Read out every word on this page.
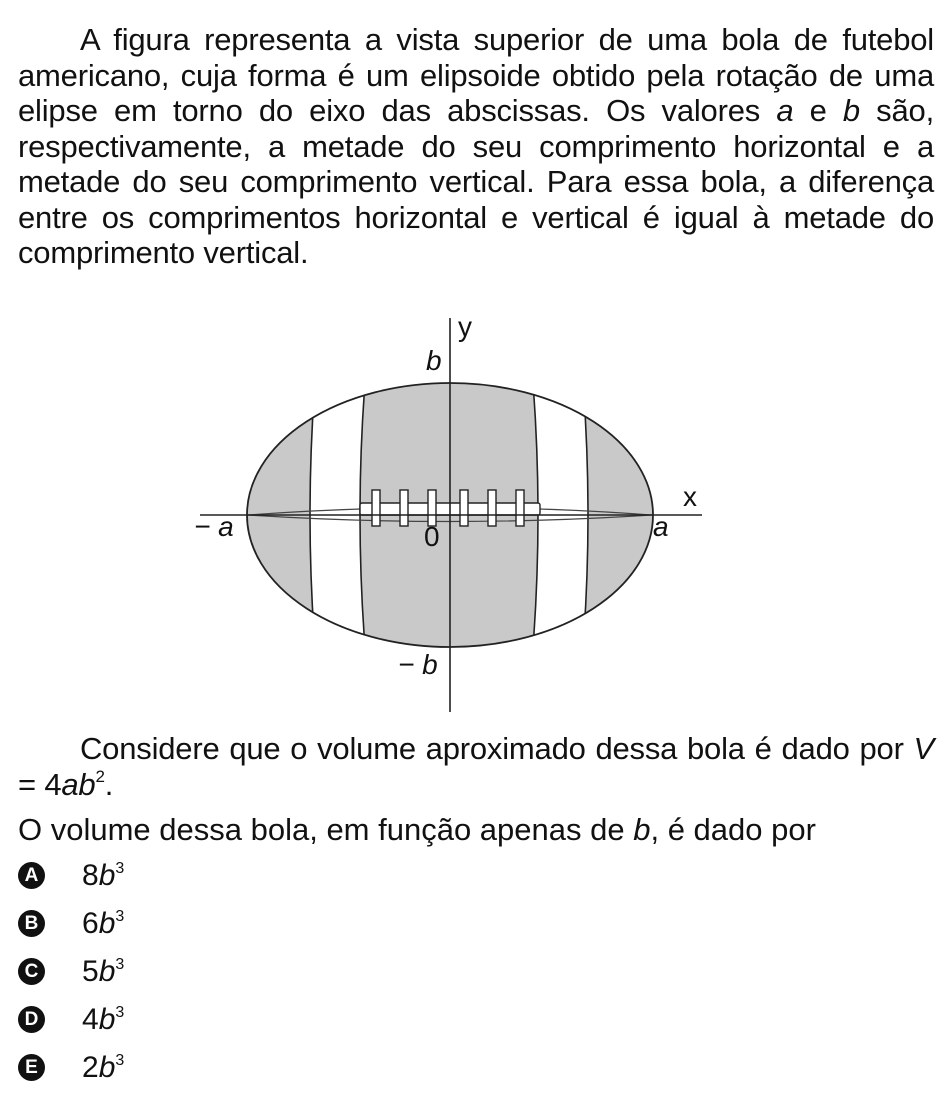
A figura representa a vista superior de uma bola de futebol americano, cuja forma é um elipsoide obtido pela rotação de uma elipse em torno do eixo das abscissas. Os valores a e b são, respectivamente, a metade do seu comprimento horizontal e a metade do seu comprimento vertical. Para essa bola, a diferença entre os comprimentos horizontal e vertical é igual à metade do comprimento vertical.

y
x
b
− b
− a	a
0

Considere que o volume aproximado dessa bola é dado por $V = 4ab^2$.

O volume dessa bola, em função apenas de b, é dado por

A $8b^3$
B $6b^3$
C $5b^3$
D $4b^3$
E $2b^3$
